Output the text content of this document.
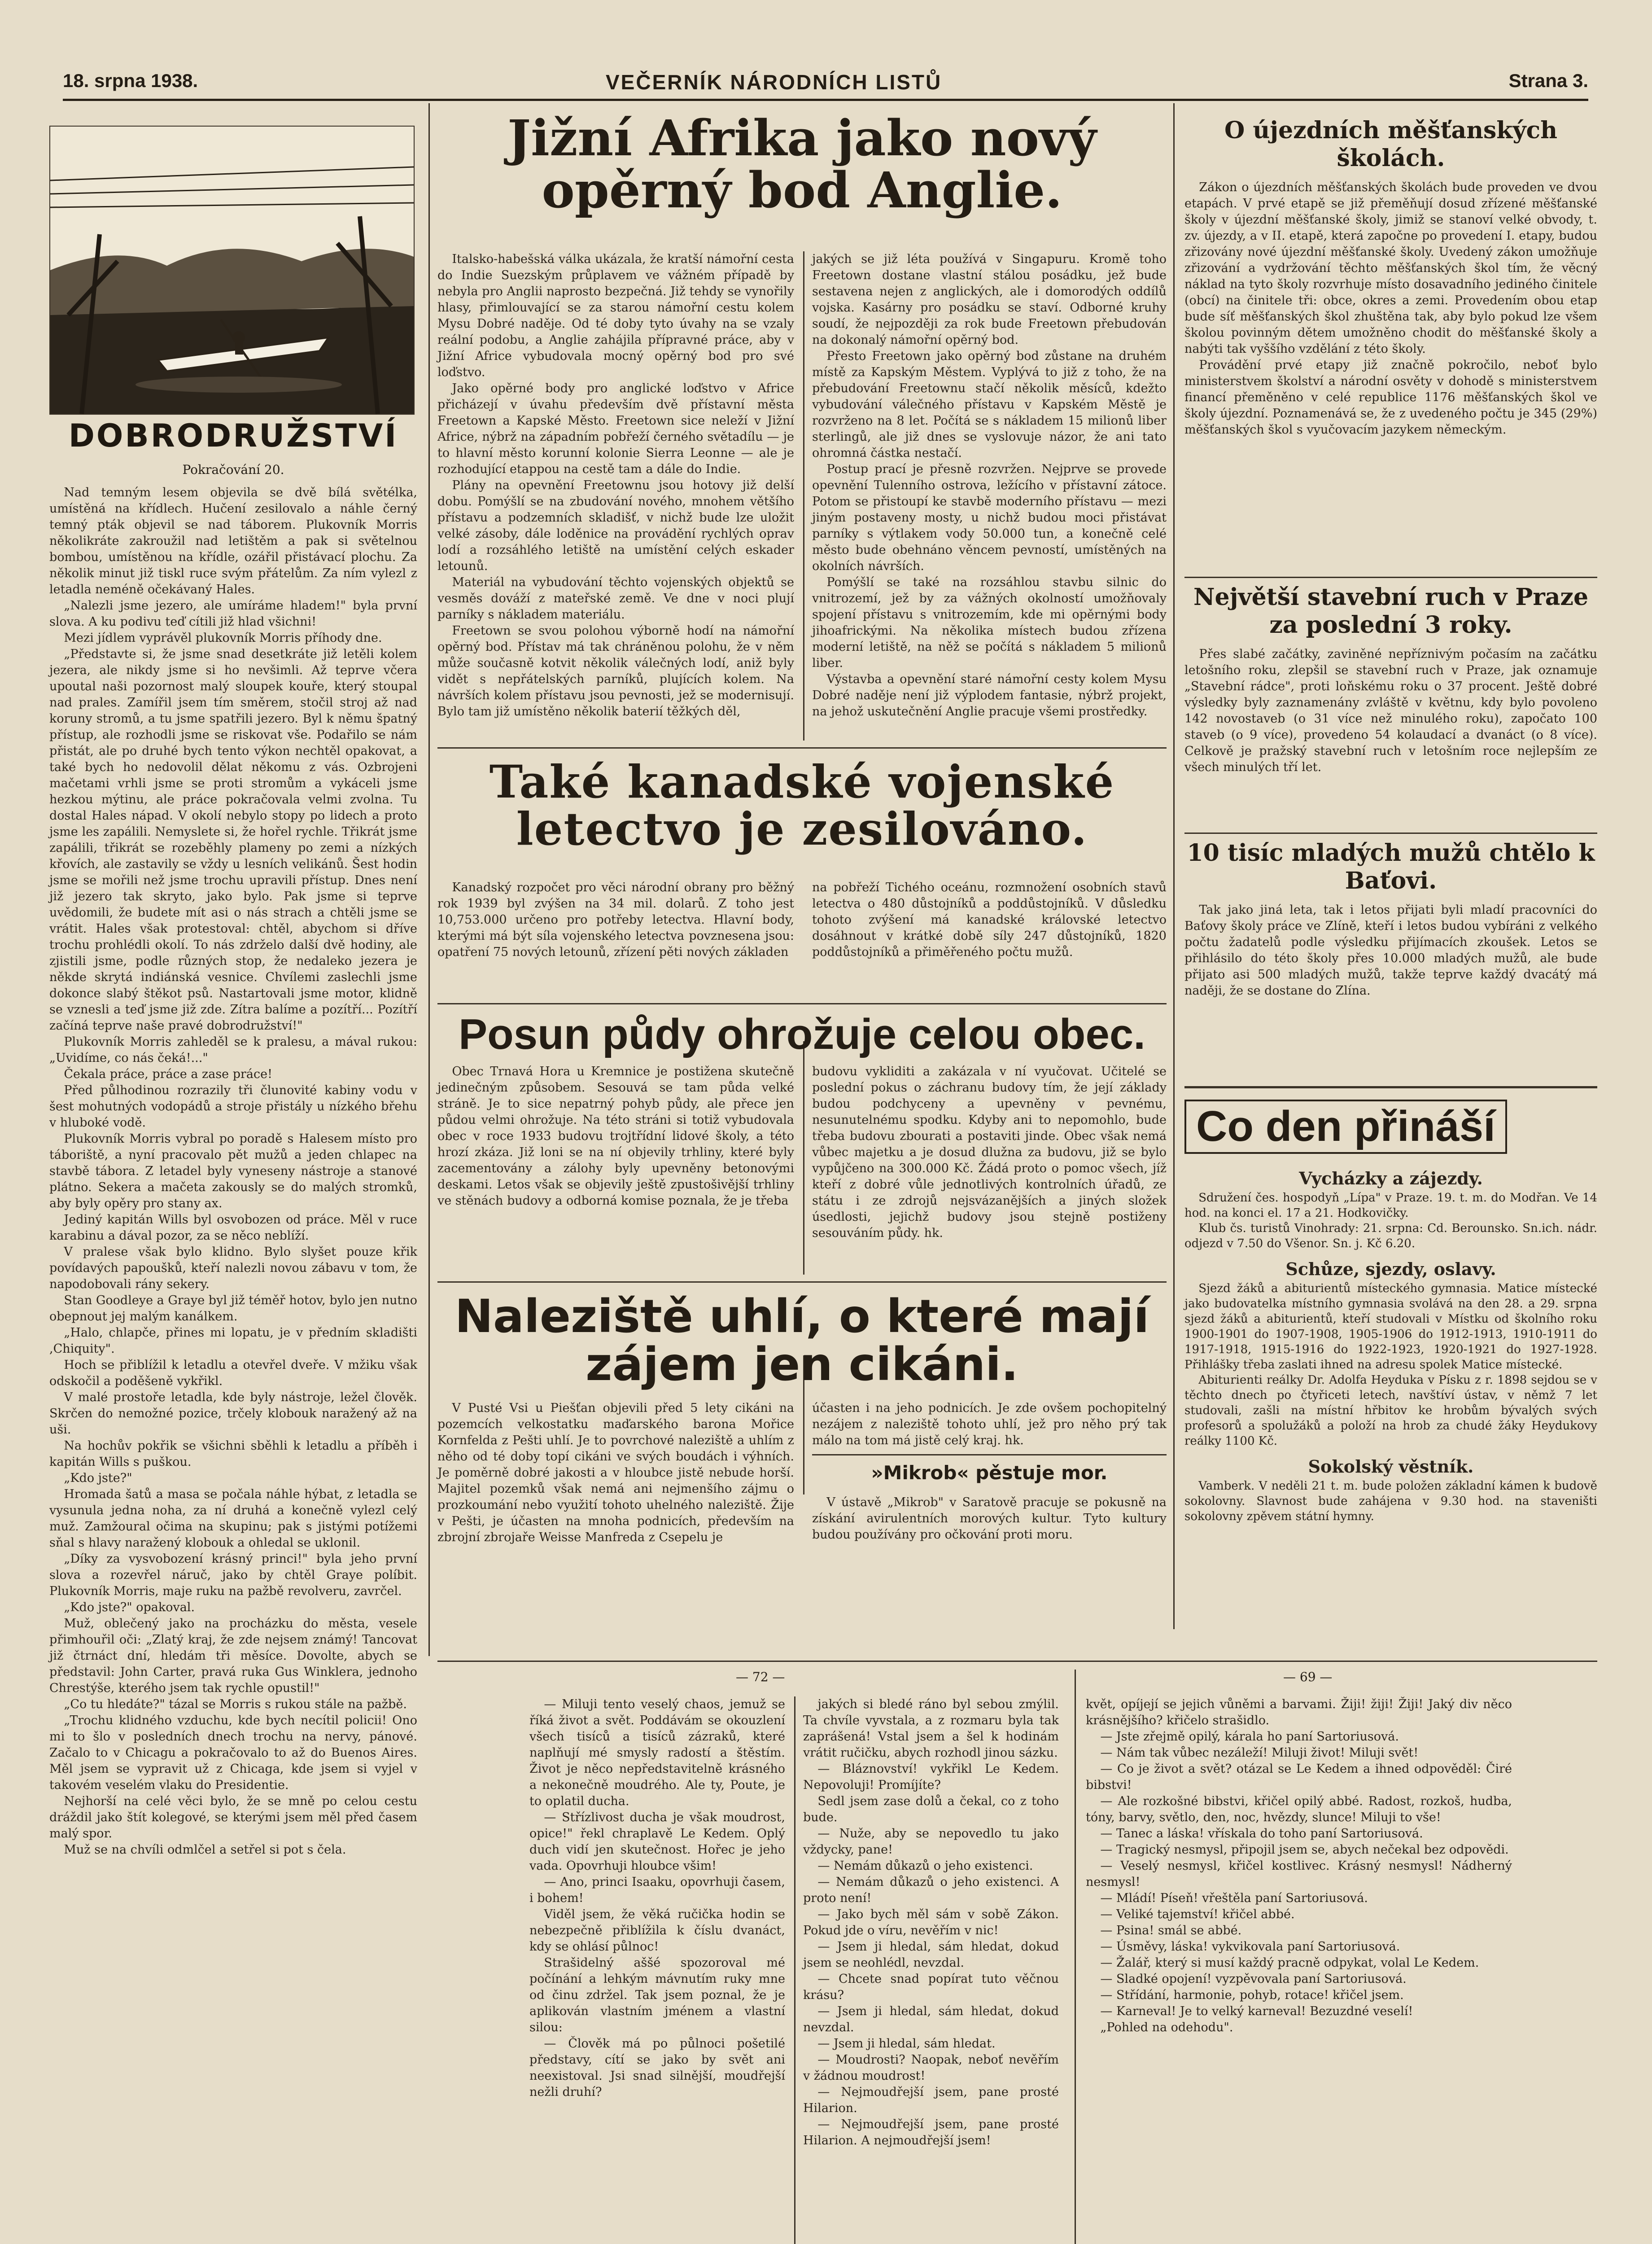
18. srpna 1938.	VEČERNÍK NÁRODNÍCH LISTŮ	Strana 3.
DOBRODRUŽSTVÍ
Pokračování 20.

Nad temným lesem objevila se dvě bílá světélka, umístěná na křídlech. Hučení zesilovalo a náhle černý temný pták objevil se nad táborem. Plukovník Morris několikráte zakroužil nad letištěm a pak si světelnou bombou, umístěnou na křídle, ozářil přistávací plochu. Za několik minut již tiskl ruce svým přátelům. Za ním vylezl z letadla neméně očekávaný Hales.

„Nalezli jsme jezero, ale umíráme hladem!" byla první slova. A ku podivu teď cítili již hlad všichni!

Mezi jídlem vyprávěl plukovník Morris příhody dne.

„Představte si, že jsme snad desetkráte již letěli kolem jezera, ale nikdy jsme si ho nevšimli. Až teprve včera upoutal naši pozornost malý sloupek kouře, který stoupal nad prales. Zamířil jsem tím směrem, stočil stroj až nad koruny stromů, a tu jsme spatřili jezero. Byl k němu špatný přístup, ale rozhodli jsme se riskovat vše. Podařilo se nám přistát, ale po druhé bych tento výkon nechtěl opakovat, a také bych ho nedovolil dělat někomu z vás. Ozbrojeni mačetami vrhli jsme se proti stromům a vykáceli jsme hezkou mýtinu, ale práce pokračovala velmi zvolna. Tu dostal Hales nápad. V okolí nebylo stopy po lidech a proto jsme les zapálili. Nemyslete si, že hořel rychle. Třikrát jsme zapálili, třikrát se rozeběhly plameny po zemi a nízkých křovích, ale zastavily se vždy u lesních velikánů. Šest hodin jsme se mořili než jsme trochu upravili přístup. Dnes není již jezero tak skryto, jako bylo. Pak jsme si teprve uvědomili, že budete mít asi o nás strach a chtěli jsme se vrátit. Hales však protestoval: chtěl, abychom si dříve trochu prohlédli okolí. To nás zdrželo další dvě hodiny, ale zjistili jsme, podle různých stop, že nedaleko jezera je někde skrytá indiánská vesnice. Chvílemi zaslechli jsme dokonce slabý štěkot psů. Nastartovali jsme motor, klidně se vznesli a teď jsme již zde. Zítra balíme a pozítří... Pozítří začíná teprve naše pravé dobrodružství!"

Plukovník Morris zahleděl se k pralesu, a mával rukou: „Uvidíme, co nás čeká!..."

Čekala práce, práce a zase práce!

Před půlhodinou rozrazily tři člunovité kabiny vodu v šest mohutných vodopádů a stroje přistály u nízkého břehu v hluboké vodě.

Plukovník Morris vybral po poradě s Halesem místo pro táboriště, a nyní pracovalo pět mužů a jeden chlapec na stavbě tábora. Z letadel byly vyneseny nástroje a stanové plátno. Sekera a mačeta zakously se do malých stromků, aby byly opěry pro stany ax.

Jediný kapitán Wills byl osvobozen od práce. Měl v ruce karabinu a dával pozor, za se něco neblíží.

V pralese však bylo klidno. Bylo slyšet pouze křik povídavých papoušků, kteří nalezli novou zábavu v tom, že napodobovali rány sekery.

Stan Goodleye a Graye byl již téměř hotov, bylo jen nutno obepnout jej malým kanálkem.

„Halo, chlapče, přines mi lopatu, je v předním skladišti ,Chiquity".

Hoch se přiblížil k letadlu a otevřel dveře. V mžiku však odskočil a poděšeně vykřikl.

V malé prostoře letadla, kde byly nástroje, ležel člověk. Skrčen do nemožné pozice, trčely klobouk naražený až na uši.

Na hochův pokřik se všichni sběhli k letadlu a příběh i kapitán Wills s puškou.

„Kdo jste?"

Hromada šatů a masa se počala náhle hýbat, z letadla se vysunula jedna noha, za ní druhá a konečně vylezl celý muž. Zamžoural očima na skupinu; pak s jistými potížemi sňal s hlavy naražený klobouk a ohledal se uklonil.

„Díky za vysvobození krásný princi!" byla jeho první slova a rozevřel náruč, jako by chtěl Graye políbit. Plukovník Morris, maje ruku na pažbě revolveru, zavrčel.

„Kdo jste?" opakoval.

Muž, oblečený jako na procházku do města, vesele přimhouřil oči: „Zlatý kraj, že zde nejsem známý! Tancovat již čtrnáct dní, hledám tři měsíce. Dovolte, abych se představil: John Carter, pravá ruka Gus Winklera, jednoho Chrestýše, kterého jsem tak rychle opustil!"

„Co tu hledáte?" tázal se Morris s rukou stále na pažbě.

„Trochu klidného vzduchu, kde bych necítil policii! Ono mi to šlo v posledních dnech trochu na nervy, pánové. Začalo to v Chicagu a pokračovalo to až do Buenos Aires. Měl jsem se vypravit už z Chicaga, kde jsem si vyjel v takovém veselém vlaku do Presidentie.

Nejhorší na celé věci bylo, že se mně po celou cestu dráždil jako štít kolegové, se kterými jsem měl před časem malý spor.

Muž se na chvíli odmlčel a setřel si pot s čela.

Jižní Afrika jako nový opěrný bod Anglie.

Italsko-habešská válka ukázala, že kratší námořní cesta do Indie Suezským průplavem ve vážném případě by nebyla pro Anglii naprosto bezpečná. Již tehdy se vynořily hlasy, přimlouvající se za starou námořní cestu kolem Mysu Dobré naděje. Od té doby tyto úvahy na se vzaly reální podobu, a Anglie zahájila přípravné práce, aby v Jižní Africe vybudovala mocný opěrný bod pro své loďstvo.

Jako opěrné body pro anglické loďstvo v Africe přicházejí v úvahu především dvě přístavní města Freetown a Kapské Město. Freetown sice neleží v Jižní Africe, nýbrž na západním pobřeží černého světadílu — je to hlavní město korunní kolonie Sierra Leonne — ale je rozhodující etappou na cestě tam a dále do Indie.

Plány na opevnění Freetownu jsou hotovy již delší dobu. Pomýšlí se na zbudování nového, mnohem většího přístavu a podzemních skladišť, v nichž bude lze uložit velké zásoby, dále loděnice na provádění rychlých oprav lodí a rozsáhlého letiště na umístění celých eskader letounů.

Materiál na vybudování těchto vojenských objektů se vesměs dováží z mateřské země. Ve dne v noci plují parníky s nákladem materiálu.

Freetown se svou polohou výborně hodí na námořní opěrný bod. Přístav má tak chráněnou polohu, že v něm může současně kotvit několik válečných lodí, aniž byly vidět s nepřátelských parníků, plujících kolem. Na návrších kolem přístavu jsou pevnosti, jež se modernisují. Bylo tam již umístěno několik baterií těžkých děl,

jakých se již léta používá v Singapuru. Kromě toho Freetown dostane vlastní stálou posádku, jež bude sestavena nejen z anglických, ale i domorodých oddílů vojska. Kasárny pro posádku se staví. Odborné kruhy soudí, že nejpozději za rok bude Freetown přebudován na dokonalý námořní opěrný bod.

Přesto Freetown jako opěrný bod zůstane na druhém místě za Kapským Městem. Vyplývá to již z toho, že na přebudování Freetownu stačí několik měsíců, kdežto vybudování válečného přístavu v Kapském Městě je rozvrženo na 8 let. Počítá se s nákladem 15 milionů liber sterlingů, ale již dnes se vyslovuje názor, že ani tato ohromná částka nestačí.

Postup prací je přesně rozvržen. Nejprve se provede opevnění Tulenního ostrova, ležícího v přístavní zátoce. Potom se přistoupí ke stavbě moderního přístavu — mezi jiným postaveny mosty, u nichž budou moci přistávat parníky s výtlakem vody 50.000 tun, a konečně celé město bude obehnáno věncem pevností, umístěných na okolních návrších.

Pomýšlí se také na rozsáhlou stavbu silnic do vnitrozemí, jež by za vážných okolností umožňovaly spojení přístavu s vnitrozemím, kde mi opěrnými body jihoafrickými. Na několika místech budou zřízena moderní letiště, na něž se počítá s nákladem 5 milionů liber.

Výstavba a opevnění staré námořní cesty kolem Mysu Dobré naděje není již výplodem fantasie, nýbrž projekt, na jehož uskutečnění Anglie pracuje všemi prostředky.

Také kanadské vojenské letectvo je zesilováno.

Kanadský rozpočet pro věci národní obrany pro běžný rok 1939 byl zvýšen na 34 mil. dolarů. Z toho jest 10,753.000 určeno pro potřeby letectva. Hlavní body, kterými má být síla vojenského letectva povznesena jsou: opatření 75 nových letounů, zřízení pěti nových základen

na pobřeží Tichého oceánu, rozmnožení osobních stavů letectva o 480 důstojníků a poddůstojníků. V důsledku tohoto zvýšení má kanadské královské letectvo dosáhnout v krátké době síly 247 důstojníků, 1820 poddůstojníků a přiměřeného počtu mužů.

Posun půdy ohrožuje celou obec.

Obec Trnavá Hora u Kremnice je postižena skutečně jedinečným způsobem. Sesouvá se tam půda velké stráně. Je to sice nepatrný pohyb půdy, ale přece jen půdou velmi ohrožuje. Na této stráni si totiž vybudovala obec v roce 1933 budovu trojtřídní lidové školy, a této hrozí zkáza. Již loni se na ní objevily trhliny, které byly zacementovány a zálohy byly upevněny betonovými deskami. Letos však se objevily ještě zpustošivější trhliny ve stěnách budovy a odborná komise poznala, že je třeba

budovu vykliditi a zakázala v ní vyučovat. Učitelé se poslední pokus o záchranu budovy tím, že její základy budou podchyceny a upevněny v pevnému, nesunutelnému spodku. Kdyby ani to nepomohlo, bude třeba budovu zbourati a postaviti jinde. Obec však nemá vůbec majetku a je dosud dlužna za budovu, již se bylo vypůjčeno na 300.000 Kč. Žádá proto o pomoc všech, jíž kteří z dobré vůle jednotlivých kontrolních úřadů, ze státu i ze zdrojů nejsvázanějších a jiných složek úsedlosti, jejichž budovy jsou stejně postiženy sesouváním půdy. hk.

Naleziště uhlí, o které mají zájem jen cikáni.

V Pusté Vsi u Piešťan objevili před 5 lety cikáni na pozemcích velkostatku maďarského barona Mořice Kornfelda z Pešti uhlí. Je to povrchové naleziště a uhlím z něho od té doby topí cikáni ve svých boudách i výhních. Je poměrně dobré jakosti a v hloubce jistě nebude horší. Majitel pozemků však nemá ani nejmenšího zájmu o prozkoumání nebo využití tohoto uhelného naleziště. Žije v Pešti, je účasten na mnoha podnicích, především na zbrojní zbrojaře Weisse Manfreda z Csepelu je

účasten i na jeho podnicích. Je zde ovšem pochopitelný nezájem z naleziště tohoto uhlí, jež pro něho prý tak málo na tom má jistě celý kraj. hk.

»Mikrob« pěstuje mor.

V ústavě „Mikrob" v Saratově pracuje se pokusně na získání avirulentních morových kultur. Tyto kultury budou používány pro očkování proti moru.

O újezdních měšťanských školách.

Zákon o újezdních měšťanských školách bude proveden ve dvou etapách. V prvé etapě se již přeměňují dosud zřízené měšťanské školy v újezdní měšťanské školy, jimiž se stanoví velké obvody, t. zv. újezdy, a v II. etapě, která započne po provedení I. etapy, budou zřizovány nové újezdní měšťanské školy. Uvedený zákon umožňuje zřizování a vydržování těchto měšťanských škol tím, že věcný náklad na tyto školy rozvrhuje místo dosavadního jediného činitele (obcí) na činitele tři: obce, okres a zemi. Provedením obou etap bude síť měšťanských škol zhuštěna tak, aby bylo pokud lze všem školou povinným dětem umožněno chodit do měšťanské školy a nabýti tak vyššího vzdělání z této školy.

Provádění prvé etapy již značně pokročilo, neboť bylo ministerstvem školství a národní osvěty v dohodě s ministerstvem financí přeměněno v celé republice 1176 měšťanských škol ve školy újezdní. Poznamenává se, že z uvedeného počtu je 345 (29%) měšťanských škol s vyučovacím jazykem německým.

Největší stavební ruch v Praze za poslední 3 roky.

Přes slabé začátky, zaviněné nepříznivým počasím na začátku letošního roku, zlepšil se stavební ruch v Praze, jak oznamuje „Stavební rádce", proti loňskému roku o 37 procent. Ještě dobré výsledky byly zaznamenány zvláště v květnu, kdy bylo povoleno 142 novostaveb (o 31 více než minulého roku), započato 100 staveb (o 9 více), provedeno 54 kolaudací a dvanáct (o 8 více). Celkově je pražský stavební ruch v letošním roce nejlepším ze všech minulých tří let.

10 tisíc mladých mužů chtělo k Baťovi.

Tak jako jiná leta, tak i letos přijati byli mladí pracovníci do Baťovy školy práce ve Zlíně, kteří i letos budou vybíráni z velkého počtu žadatelů podle výsledku přijímacích zkoušek. Letos se přihlásilo do této školy přes 10.000 mladých mužů, ale bude přijato asi 500 mladých mužů, takže teprve každý dvacátý má naději, že se dostane do Zlína.

Co den přináší
Vycházky a zájezdy.

Sdružení čes. hospodyň „Lípa" v Praze. 19. t. m. do Modřan. Ve 14 hod. na konci el. 17 a 21. Hodkovičky.

Klub čs. turistů Vinohrady: 21. srpna: Cd. Berounsko. Sn.ich. nádr. odjezd v 7.50 do Všenor. Sn. j. Kč 6.20.

Schůze, sjezdy, oslavy.

Sjezd žáků a abiturientů místeckého gymnasia. Matice místecké jako budovatelka místního gymnasia svolává na den 28. a 29. srpna sjezd žáků a abiturientů, kteří studovali v Místku od školního roku 1900-1901 do 1907-1908, 1905-1906 do 1912-1913, 1910-1911 do 1917-1918, 1915-1916 do 1922-1923, 1920-1921 do 1927-1928. Přihlášky třeba zaslati ihned na adresu spolek Matice místecké.

Abiturienti reálky Dr. Adolfa Heyduka v Písku z r. 1898 sejdou se v těchto dnech po čtyřiceti letech, navštíví ústav, v němž 7 let studovali, zašli na místní hřbitov ke hrobům bývalých svých profesorů a spolužáků a položí na hrob za chudé žáky Heydukovy reálky 1100 Kč.

Sokolský věstník.

Vamberk. V neděli 21 t. m. bude položen základní kámen k budově sokolovny. Slavnost bude zahájena v 9.30 hod. na staveništi sokolovny zpěvem státní hymny.

— 72 —	— 69 —

— Miluji tento veselý chaos, jemuž se říká život a svět. Poddávám se okouzlení všech tisíců a tisíců zázraků, které naplňují mé smysly radostí a štěstím. Život je něco nepředstavitelně krásného a nekonečně moudrého. Ale ty, Poute, je to oplatil ducha.

— Střízlivost ducha je však moudrost, opice!" řekl chraplavě Le Kedem. Oplý duch vidí jen skutečnost. Hořec je jeho vada. Opovrhuji hloubce všim!

— Ano, princi Isaaku, opovrhuji časem, i bohem!

Viděl jsem, že věká ručička hodin se nebezpečně přiblížila k číslu dvanáct, kdy se ohlásí půlnoc!

Strašidelný aššé spozoroval mé počínání a lehkým mávnutím ruky mne od činu zdržel. Tak jsem poznal, že je aplikován vlastním jménem a vlastní silou:

— Člověk má po půlnoci pošetilé představy, cítí se jako by svět ani neexistoval. Jsi snad silnější, moudřejší nežli druhí?

jakých si bledé ráno byl sebou zmýlil. Ta chvíle vyvstala, a z rozmaru byla tak zaprášená! Vstal jsem a šel k hodinám vrátit ručičku, abych rozhodl jinou sázku.

— Bláznovství! vykřikl Le Kedem. Nepovoluji! Promíjíte?

Sedl jsem zase dolů a čekal, co z toho bude.

— Nuže, aby se nepovedlo tu jako vždycky, pane!

— Nemám důkazů o jeho existenci.

— Nemám důkazů o jeho existenci. A proto není!

— Jako bych měl sám v sobě Zákon. Pokud jde o víru, nevěřím v nic!

— Jsem ji hledal, sám hledat, dokud jsem se neohlédl, nevzdal.

— Chcete snad popírat tuto věčnou krásu?

— Jsem ji hledal, sám hledat, dokud nevzdal.

— Jsem ji hledal, sám hledat.

— Moudrosti? Naopak, neboť nevěřím v žádnou moudrost!

— Nejmoudřejší jsem, pane prosté Hilarion.

— Nejmoudřejší jsem, pane prosté Hilarion. A nejmoudřejší jsem!

květ, opíjejí se jejich vůněmi a barvami. Žiji! žiji! Žiji! Jaký div něco krásnějšího? křičelo strašidlo.

— Jste zřejmě opilý, kárala ho paní Sartoriusová.

— Nám tak vůbec nezáleží! Miluji život! Miluji svět!

— Co je život a svět? otázal se Le Kedem a ihned odpověděl: Čiré bibstvi!

— Ale rozkošné bibstvi, křičel opilý abbé. Radost, rozkoš, hudba, tóny, barvy, světlo, den, noc, hvězdy, slunce! Miluji to vše!

— Tanec a láska! vřískala do toho paní Sartoriusová.

— Tragický nesmysl, připojil jsem se, abych nečekal bez odpovědi.

— Veselý nesmysl, křičel kostlivec. Krásný nesmysl! Nádherný nesmysl!

— Mládí! Píseň! vřeštěla paní Sartoriusová.

— Veliké tajemství! křičel abbé.

— Psina! smál se abbé.

— Úsměvy, láska! vykvikovala paní Sartoriusová.

— Žalář, který si musí každý pracně odpykat, volal Le Kedem.

— Sladké opojení! vyzpěvovala paní Sartoriusová.

— Střídání, harmonie, pohyb, rotace! křičel jsem.

— Karneval! Je to velký karneval! Bezuzdné veselí!

„Pohled na odehodu".
